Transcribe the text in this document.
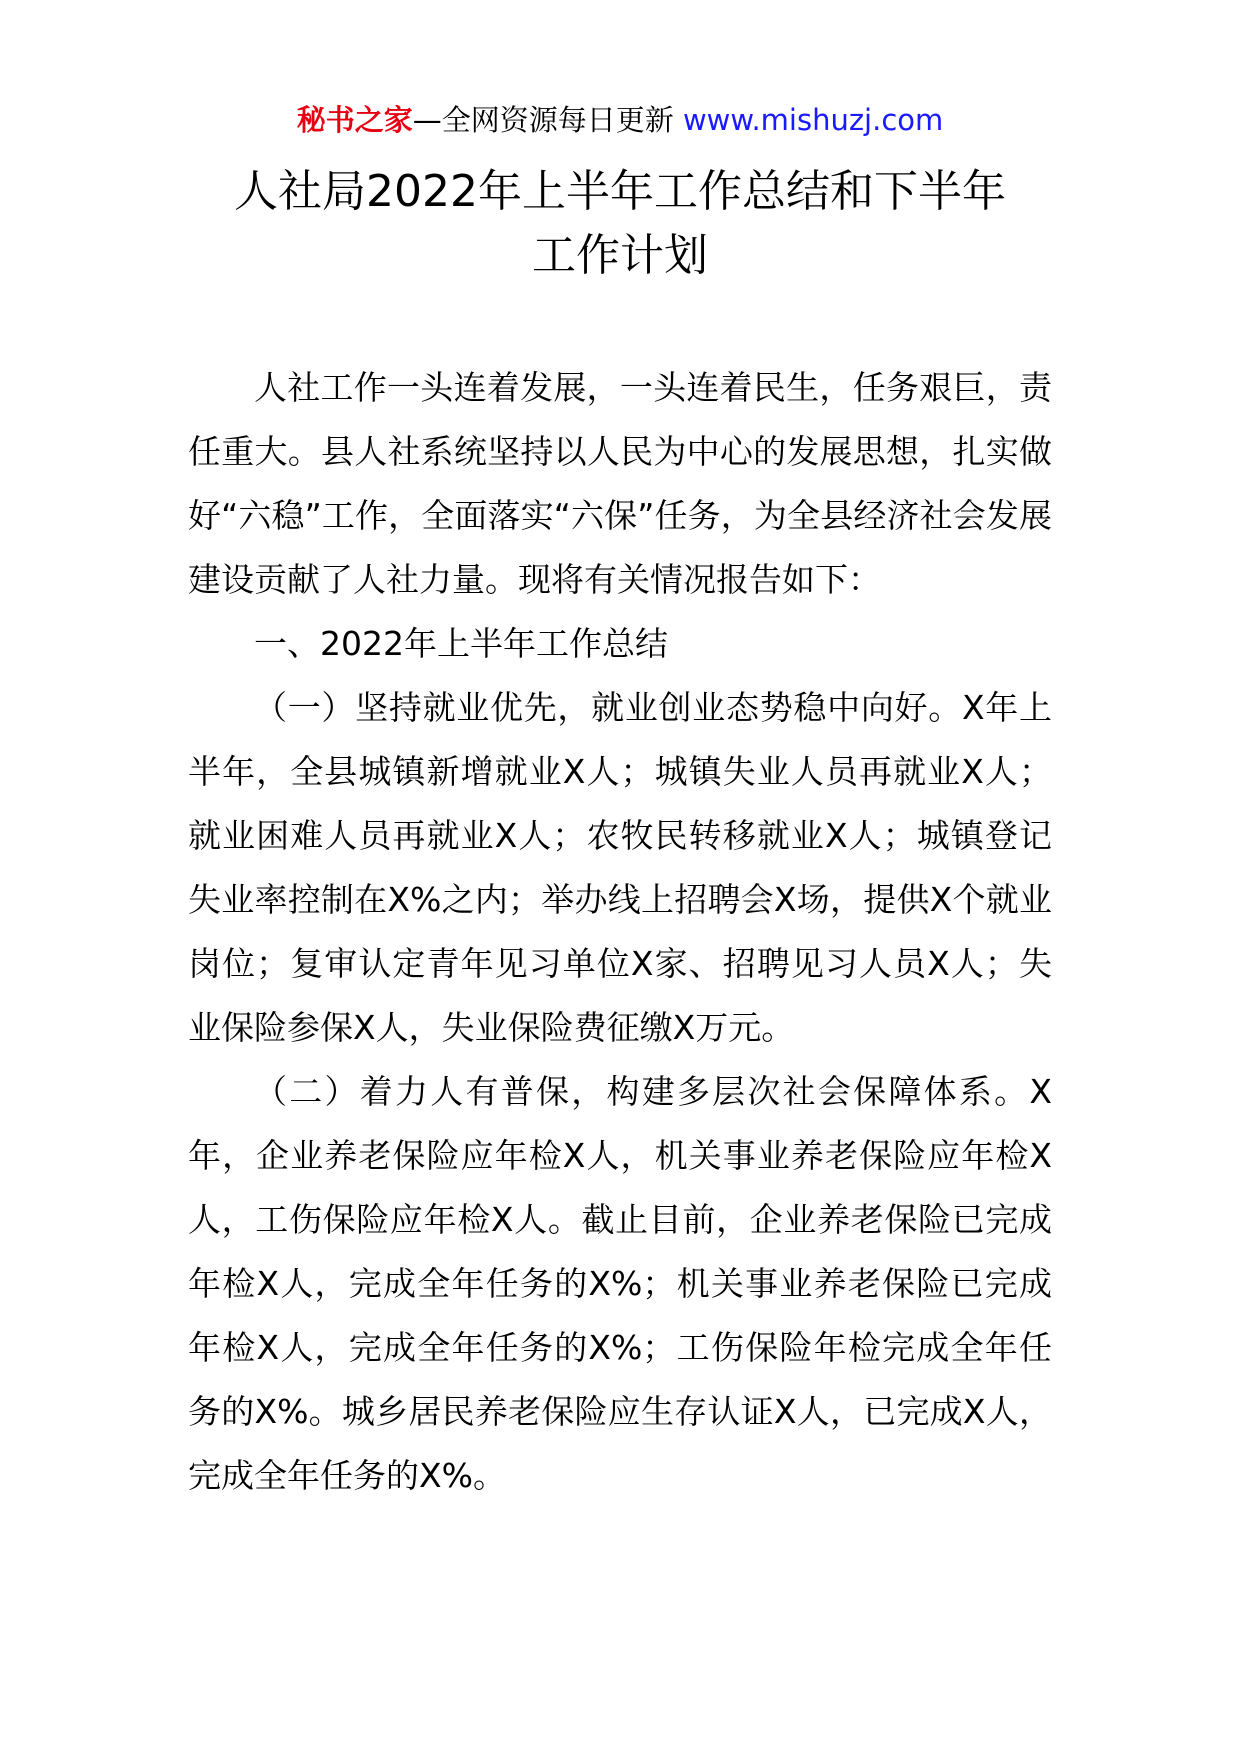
秘书之家—全网资源每日更新 www.mishuzj.com
人社局2022年上半年工作总结和下半年
工作计划

人社工作一头连着发展，一头连着民生，任务艰巨，责任重大。县人社系统坚持以人民为中心的发展思想，扎实做好“六稳”工作，全面落实“六保”任务，为全县经济社会发展建设贡献了人社力量。现将有关情况报告如下：

一、2022年上半年工作总结

（一）坚持就业优先，就业创业态势稳中向好。X年上半年，全县城镇新增就业X人；城镇失业人员再就业X人；就业困难人员再就业X人；农牧民转移就业X人；城镇登记失业率控制在X%之内；举办线上招聘会X场，提供X个就业岗位；复审认定青年见习单位X家、招聘见习人员X人；失业保险参保X人，失业保险费征缴X万元。

（二）着力人有普保，构建多层次社会保障体系。X年，企业养老保险应年检X人，机关事业养老保险应年检X人，工伤保险应年检X人。截止目前，企业养老保险已完成年检X人，完成全年任务的X%；机关事业养老保险已完成年检X人，完成全年任务的X%；工伤保险年检完成全年任务的X%。城乡居民养老保险应生存认证X人，已完成X人，完成全年任务的X%。
